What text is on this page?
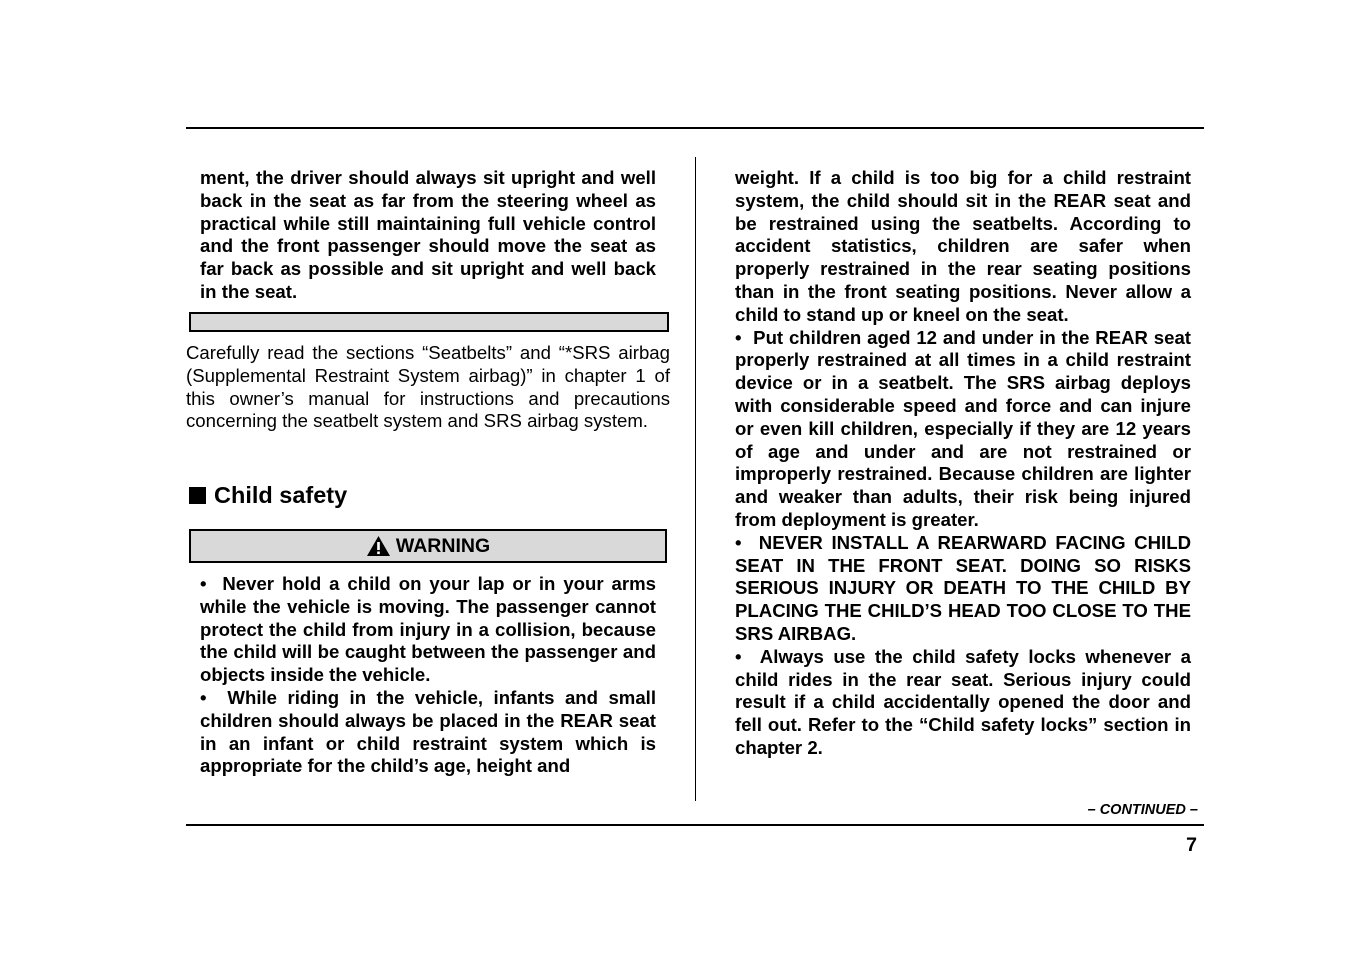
ment, the driver should always sit upright and well back in the seat as far from the steering wheel as practical while still maintaining full vehicle control and the front passenger should move the seat as far back as possible and sit upright and well back in the seat.

Carefully read the sections “Seatbelts” and “*SRS airbag (Supplemental Restraint System airbag)” in chapter 1 of this owner’s manual for instructions and precautions concerning the seatbelt system and SRS airbag system.
Child safety
WARNING

•  Never hold a child on your lap or in your arms while the vehicle is moving. The passenger cannot protect the child from injury in a collision, because the child will be caught between the passenger and objects inside the vehicle.

•  While riding in the vehicle, infants and small children should always be placed in the REAR seat in an infant or child restraint system which is appropriate for the child’s age, height and

weight. If a child is too big for a child restraint system, the child should sit in the REAR seat and be restrained using the seatbelts. According to accident statistics, children are safer when properly restrained in the rear seating positions than in the front seating positions. Never allow a child to stand up or kneel on the seat.

•  Put children aged 12 and under in the REAR seat properly restrained at all times in a child restraint device or in a seatbelt. The SRS airbag deploys with considerable speed and force and can injure or even kill children, especially if they are 12 years of age and under and are not restrained or improperly restrained. Because children are lighter and weaker than adults, their risk being injured from deployment is greater.

•  NEVER INSTALL A REARWARD FACING CHILD SEAT IN THE FRONT SEAT. DOING SO RISKS SERIOUS INJURY OR DEATH TO THE CHILD BY PLACING THE CHILD’S HEAD TOO CLOSE TO THE SRS AIRBAG.

•  Always use the child safety locks whenever a child rides in the rear seat. Serious injury could result if a child accidentally opened the door and fell out. Refer to the “Child safety locks” section in chapter 2.

– CONTINUED –
7
